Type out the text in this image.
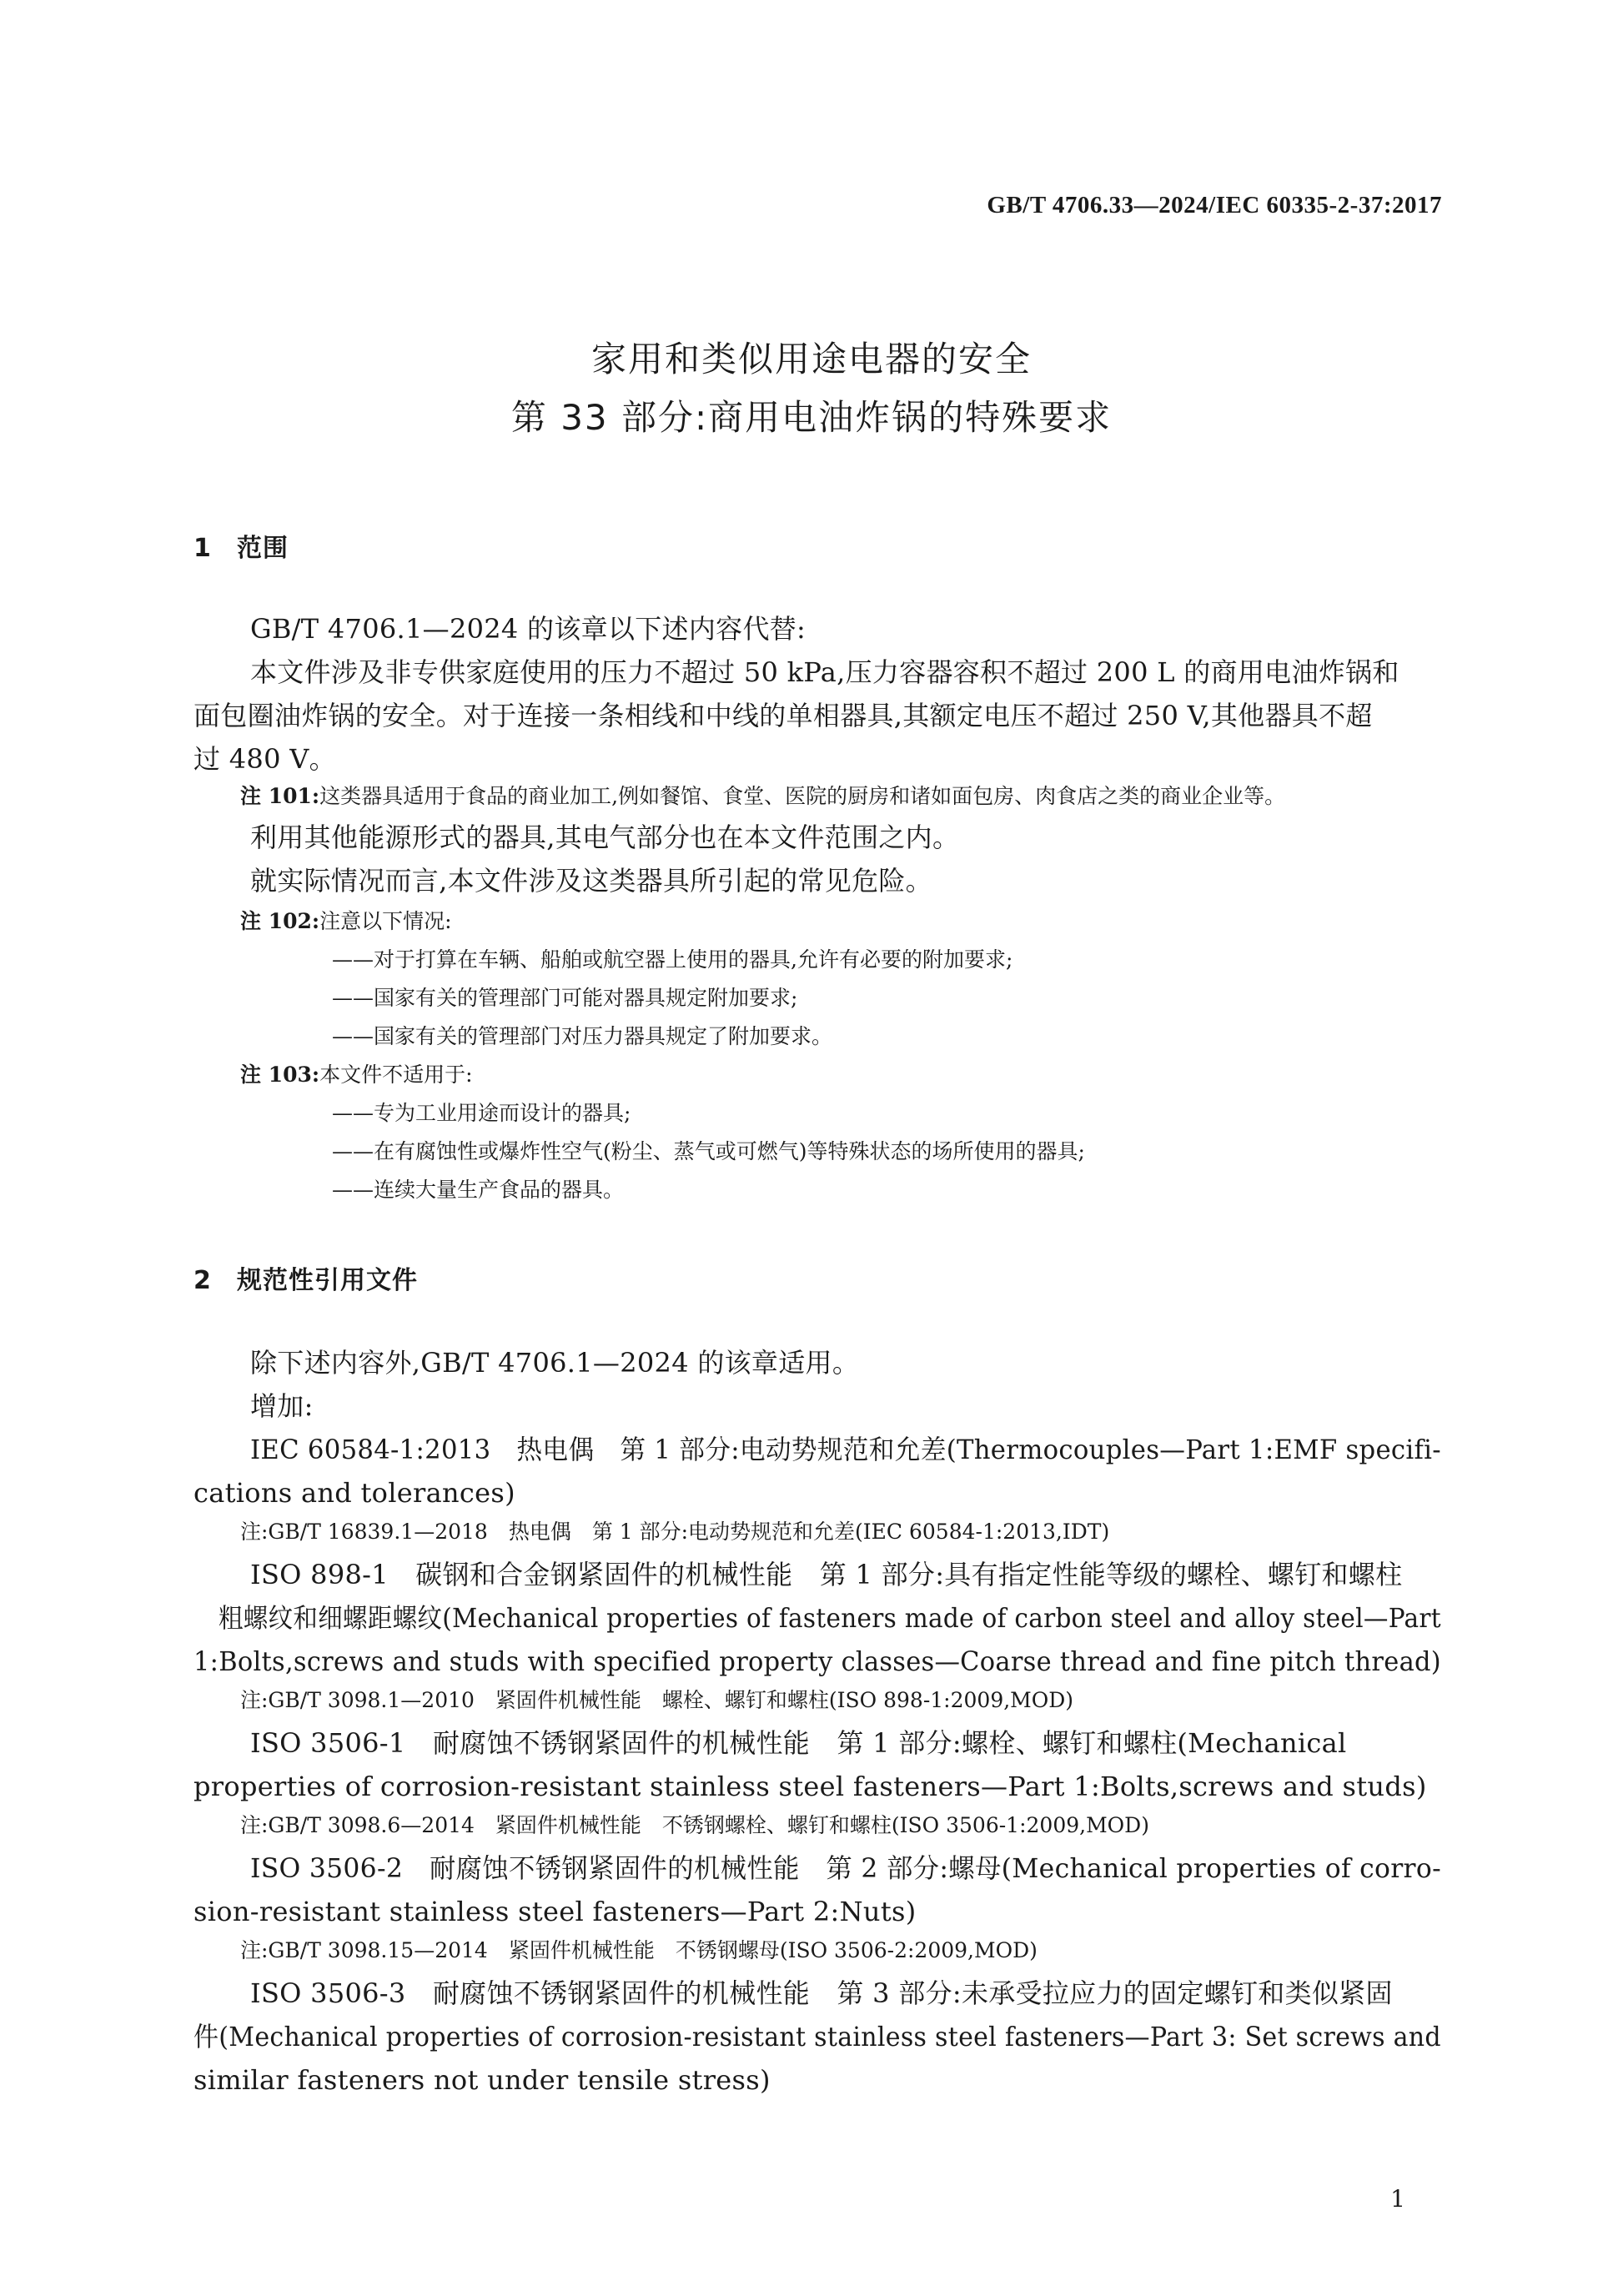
GB/T 4706.33—2024/IEC 60335-2-37:2017
家用和类似用途电器的安全
第 33 部分:商用电油炸锅的特殊要求
1 范围
GB/T 4706.1—2024 的该章以下述内容代替:
本文件涉及非专供家庭使用的压力不超过 50 kPa,压力容器容积不超过 200 L 的商用电油炸锅和
面包圈油炸锅的安全。对于连接一条相线和中线的单相器具,其额定电压不超过 250 V,其他器具不超
过 480 V。
注 101:这类器具适用于食品的商业加工,例如餐馆、食堂、医院的厨房和诸如面包房、肉食店之类的商业企业等。
利用其他能源形式的器具,其电气部分也在本文件范围之内。
就实际情况而言,本文件涉及这类器具所引起的常见危险。
注 102:注意以下情况:
——对于打算在车辆、船舶或航空器上使用的器具,允许有必要的附加要求;
——国家有关的管理部门可能对器具规定附加要求;
——国家有关的管理部门对压力器具规定了附加要求。
注 103:本文件不适用于:
——专为工业用途而设计的器具;
——在有腐蚀性或爆炸性空气(粉尘、蒸气或可燃气)等特殊状态的场所使用的器具;
——连续大量生产食品的器具。
2 规范性引用文件
除下述内容外,GB/T 4706.1—2024 的该章适用。
增加:
IEC 60584-1:2013　热电偶　第 1 部分:电动势规范和允差(Thermocouples—Part 1:EMF specifi-
cations and tolerances)
注:GB/T 16839.1—2018　热电偶　第 1 部分:电动势规范和允差(IEC 60584-1:2013,IDT)
ISO 898-1　碳钢和合金钢紧固件的机械性能　第 1 部分:具有指定性能等级的螺栓、螺钉和螺柱
粗螺纹和细螺距螺纹(Mechanical properties of fasteners made of carbon steel and alloy steel—Part
1:Bolts,screws and studs with specified property classes—Coarse thread and fine pitch thread)
注:GB/T 3098.1—2010　紧固件机械性能　螺栓、螺钉和螺柱(ISO 898-1:2009,MOD)
ISO 3506-1　耐腐蚀不锈钢紧固件的机械性能　第 1 部分:螺栓、螺钉和螺柱(Mechanical
properties of corrosion-resistant stainless steel fasteners—Part 1:Bolts,screws and studs)
注:GB/T 3098.6—2014　紧固件机械性能　不锈钢螺栓、螺钉和螺柱(ISO 3506-1:2009,MOD)
ISO 3506-2　耐腐蚀不锈钢紧固件的机械性能　第 2 部分:螺母(Mechanical properties of corro-
sion-resistant stainless steel fasteners—Part 2:Nuts)
注:GB/T 3098.15—2014　紧固件机械性能　不锈钢螺母(ISO 3506-2:2009,MOD)
ISO 3506-3　耐腐蚀不锈钢紧固件的机械性能　第 3 部分:未承受拉应力的固定螺钉和类似紧固
件(Mechanical properties of corrosion-resistant stainless steel fasteners—Part 3: Set screws and
similar fasteners not under tensile stress)
1
